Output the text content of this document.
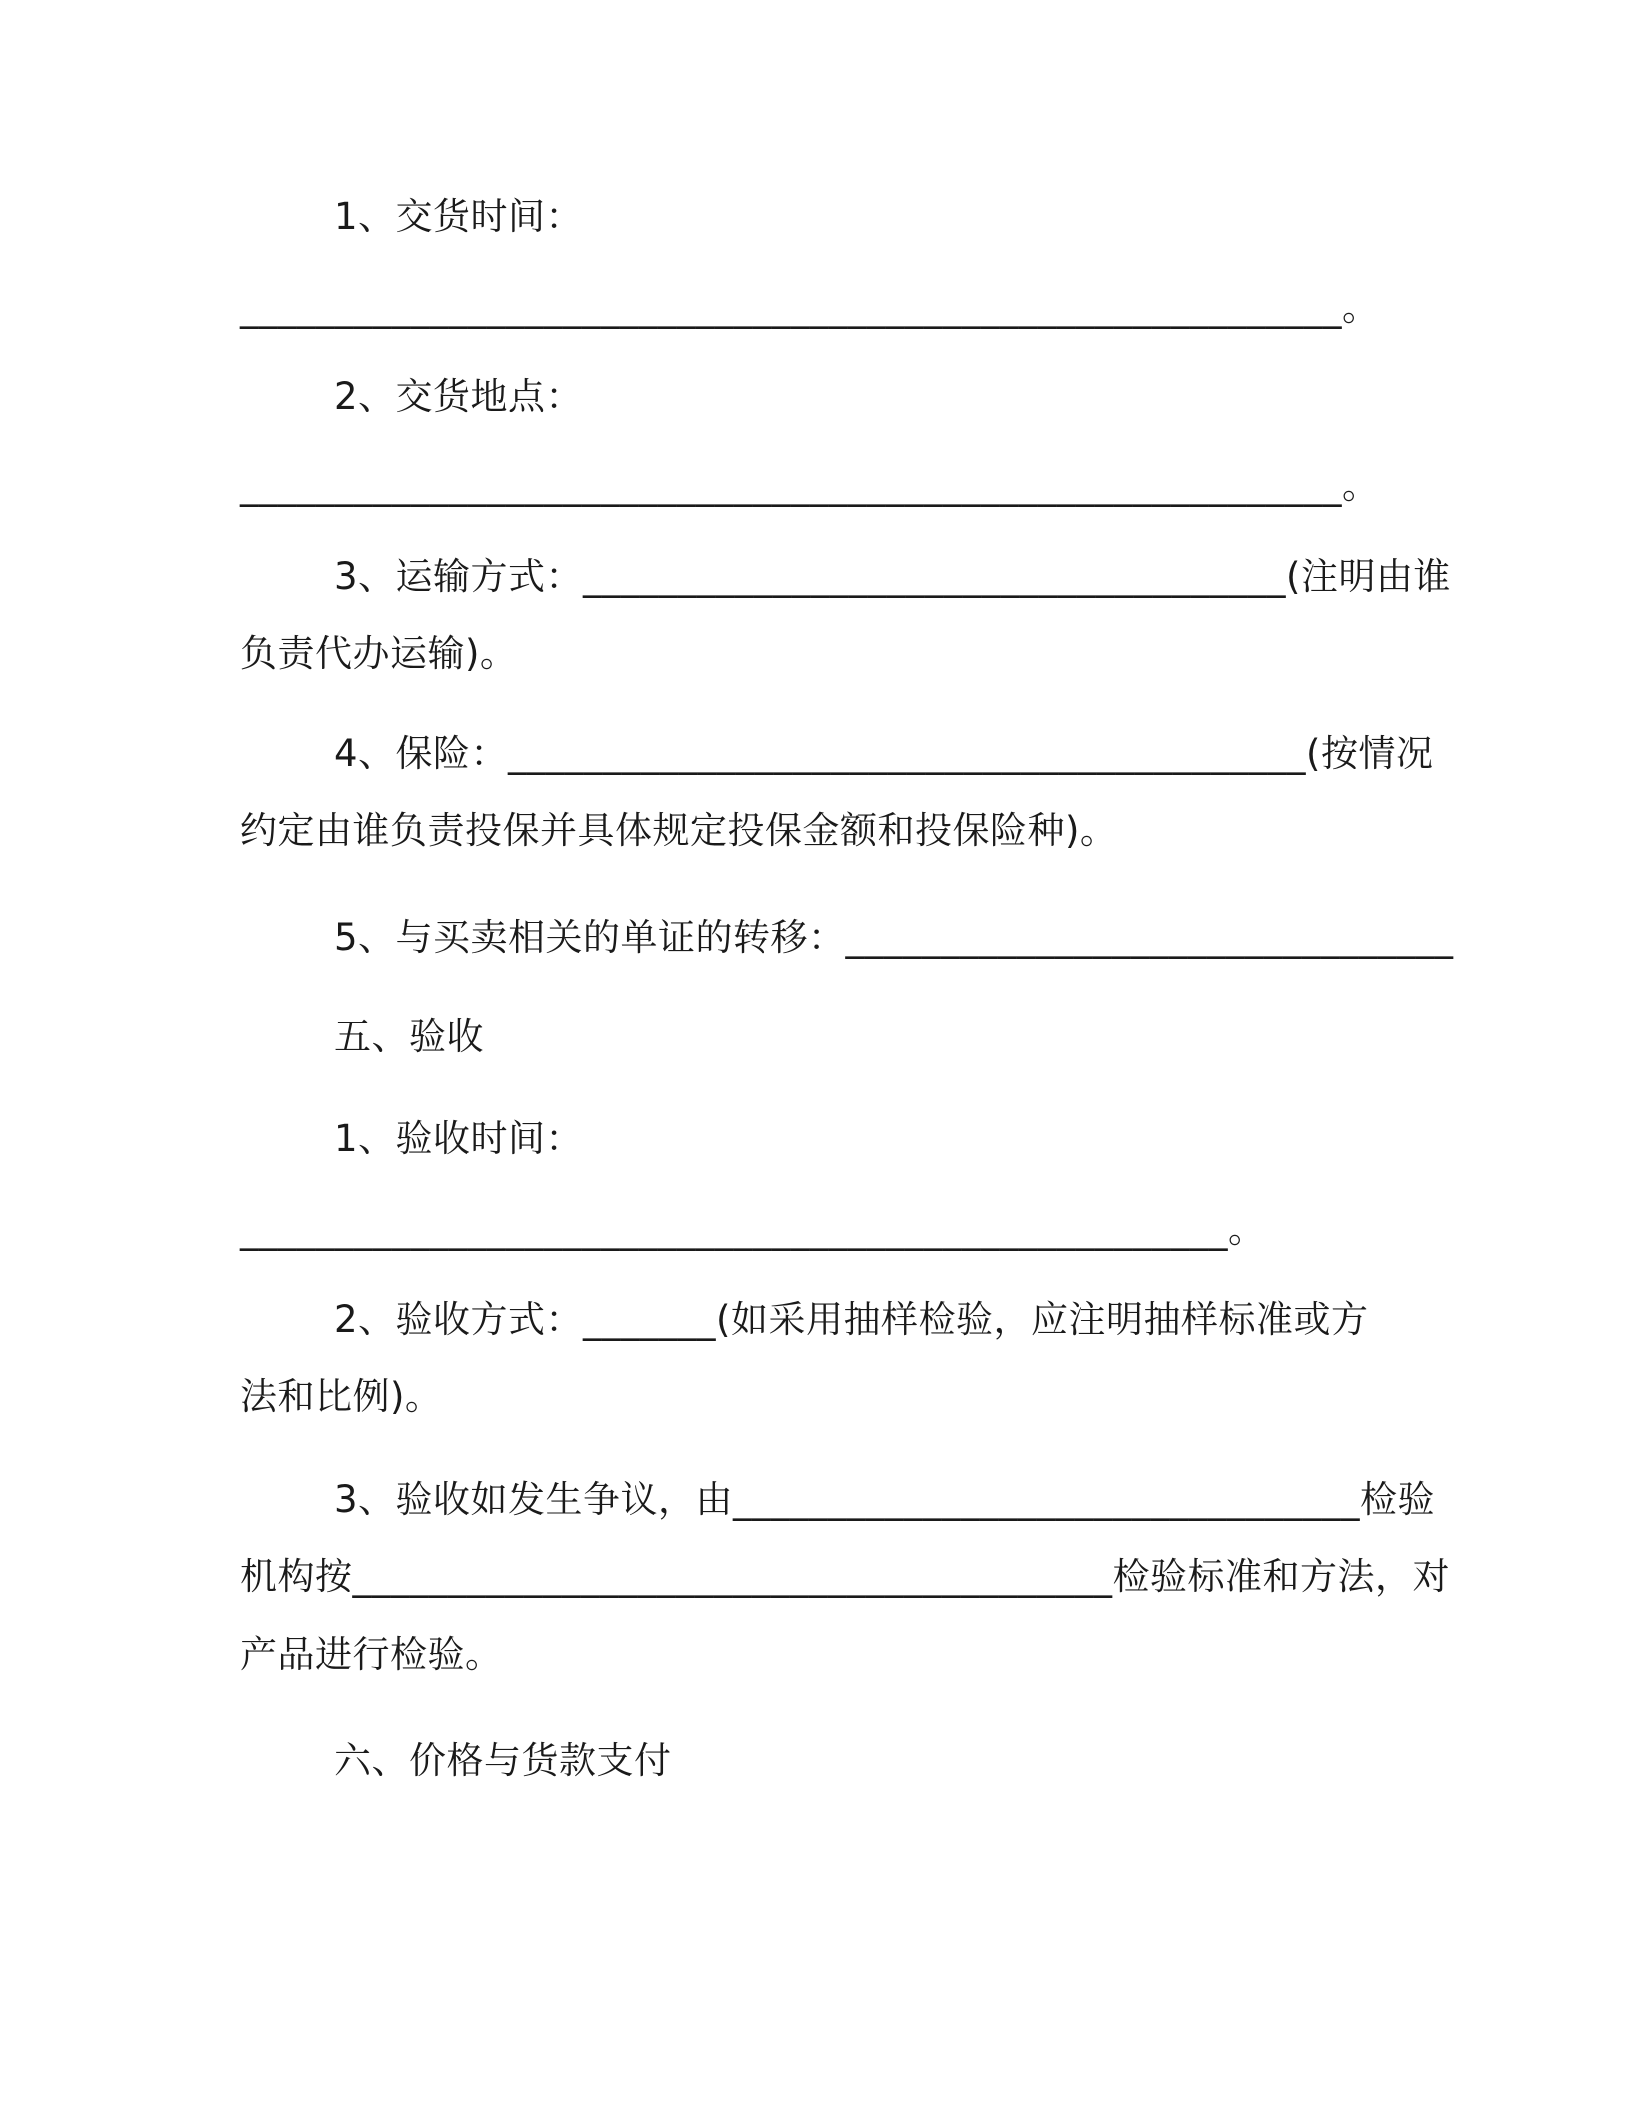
1、交货时间：
__________________________________________________________。
2、交货地点：
__________________________________________________________。
3、运输方式：_____________________________________(注明由谁
负责代办运输)。
4、保险：__________________________________________(按情况
约定由谁负责投保并具体规定投保金额和投保险种)。
5、与买卖相关的单证的转移：________________________________
五、验收
1、验收时间：
____________________________________________________。
2、验收方式：_______(如采用抽样检验，应注明抽样标准或方
法和比例)。
3、验收如发生争议，由_________________________________检验
机构按________________________________________检验标准和方法，对
产品进行检验。
六、价格与货款支付
